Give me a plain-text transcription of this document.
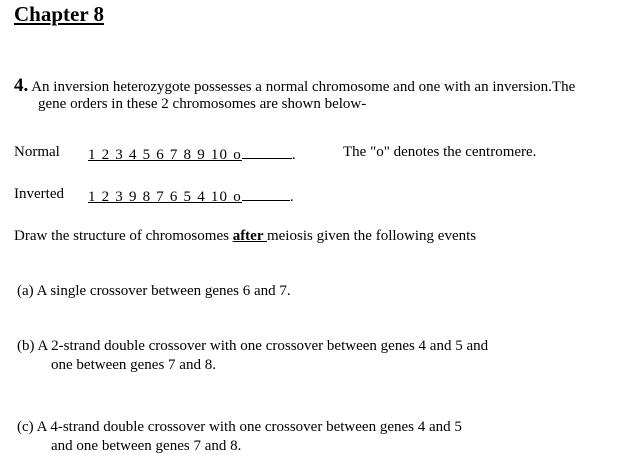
Chapter 8
4. An inversion heterozygote possesses a normal chromosome and one with an inversion.The
gene orders in these 2 chromosomes are shown below-
Normal 1 2 3 4 5 6 7 8 9 10 o	.	The "o" denotes the centromere.
Inverted 1 2 3 9 8 7 6 5 4 10 o	.
Draw the structure of chromosomes after meiosis given the following events
(a) A single crossover between genes 6 and 7.
(b) A 2-strand double crossover with one crossover between genes 4 and 5 and
one between genes 7 and 8.
(c) A 4-strand double crossover with one crossover between genes 4 and 5
and one between genes 7 and 8.
